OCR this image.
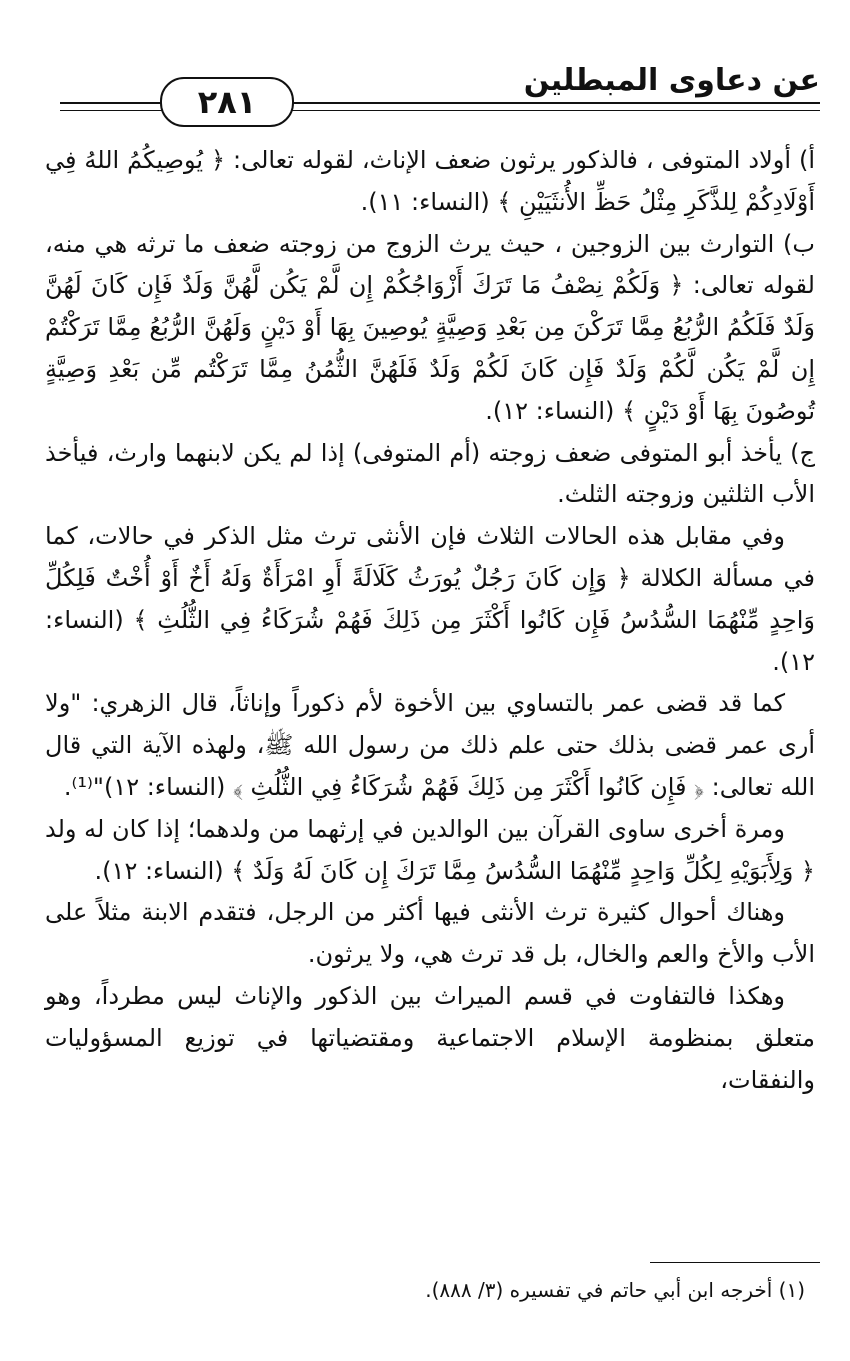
عن دعاوى المبطلين
٢٨١

أ) أولاد المتوفى ، فالذكور يرثون ضعف الإناث، لقوله تعالى: ﴿ يُوصِيكُمُ اللهُ فِي أَوْلَادِكُمْ لِلذَّكَرِ مِثْلُ حَظِّ الأُنثَيَيْنِ ﴾ (النساء: ١١).

ب) التوارث بين الزوجين ، حيث يرث الزوج من زوجته ضعف ما ترثه هي منه، لقوله تعالى: ﴿ وَلَكُمْ نِصْفُ مَا تَرَكَ أَزْوَاجُكُمْ إِن لَّمْ يَكُن لَّهُنَّ وَلَدٌ فَإِن كَانَ لَهُنَّ وَلَدٌ فَلَكُمُ الرُّبُعُ مِمَّا تَرَكْنَ مِن بَعْدِ وَصِيَّةٍ يُوصِينَ بِهَا أَوْ دَيْنٍ وَلَهُنَّ الرُّبُعُ مِمَّا تَرَكْتُمْ إِن لَّمْ يَكُن لَّكُمْ وَلَدٌ فَإِن كَانَ لَكُمْ وَلَدٌ فَلَهُنَّ الثُّمُنُ مِمَّا تَرَكْتُم مِّن بَعْدِ وَصِيَّةٍ تُوصُونَ بِهَا أَوْ دَيْنٍ ﴾ (النساء: ١٢).

ج) يأخذ أبو المتوفى ضعف زوجته (أم المتوفى) إذا لم يكن لابنهما وارث، فيأخذ الأب الثلثين وزوجته الثلث.

وفي مقابل هذه الحالات الثلاث فإن الأنثى ترث مثل الذكر في حالات، كما في مسألة الكلالة ﴿ وَإِن كَانَ رَجُلٌ يُورَثُ كَلَالَةً أَوِ امْرَأَةٌ وَلَهُ أَخٌ أَوْ أُخْتٌ فَلِكُلِّ وَاحِدٍ مِّنْهُمَا السُّدُسُ فَإِن كَانُوا أَكْثَرَ مِن ذَلِكَ فَهُمْ شُرَكَاءُ فِي الثُّلُثِ ﴾ (النساء: ١٢).

كما قد قضى عمر بالتساوي بين الأخوة لأم ذكوراً وإناثاً، قال الزهري: "ولا أرى عمر قضى بذلك حتى علم ذلك من رسول الله ﷺ، ولهذه الآية التي قال الله تعالى: ﴿ فَإِن كَانُوا أَكْثَرَ مِن ذَلِكَ فَهُمْ شُرَكَاءُ فِي الثُّلُثِ ﴾ (النساء: ١٢)"⁽¹⁾.

ومرة أخرى ساوى القرآن بين الوالدين في إرثهما من ولدهما؛ إذا كان له ولد ﴿ وَلِأَبَوَيْهِ لِكُلِّ وَاحِدٍ مِّنْهُمَا السُّدُسُ مِمَّا تَرَكَ إِن كَانَ لَهُ وَلَدٌ ﴾ (النساء: ١٢).

وهناك أحوال كثيرة ترث الأنثى فيها أكثر من الرجل، فتقدم الابنة مثلاً على الأب والأخ والعم والخال، بل قد ترث هي، ولا يرثون.

وهكذا فالتفاوت في قسم الميراث بين الذكور والإناث ليس مطرداً، وهو متعلق بمنظومة الإسلام الاجتماعية ومقتضياتها في توزيع المسؤوليات والنفقات،

(١) أخرجه ابن أبي حاتم في تفسيره (٣/ ٨٨٨).
